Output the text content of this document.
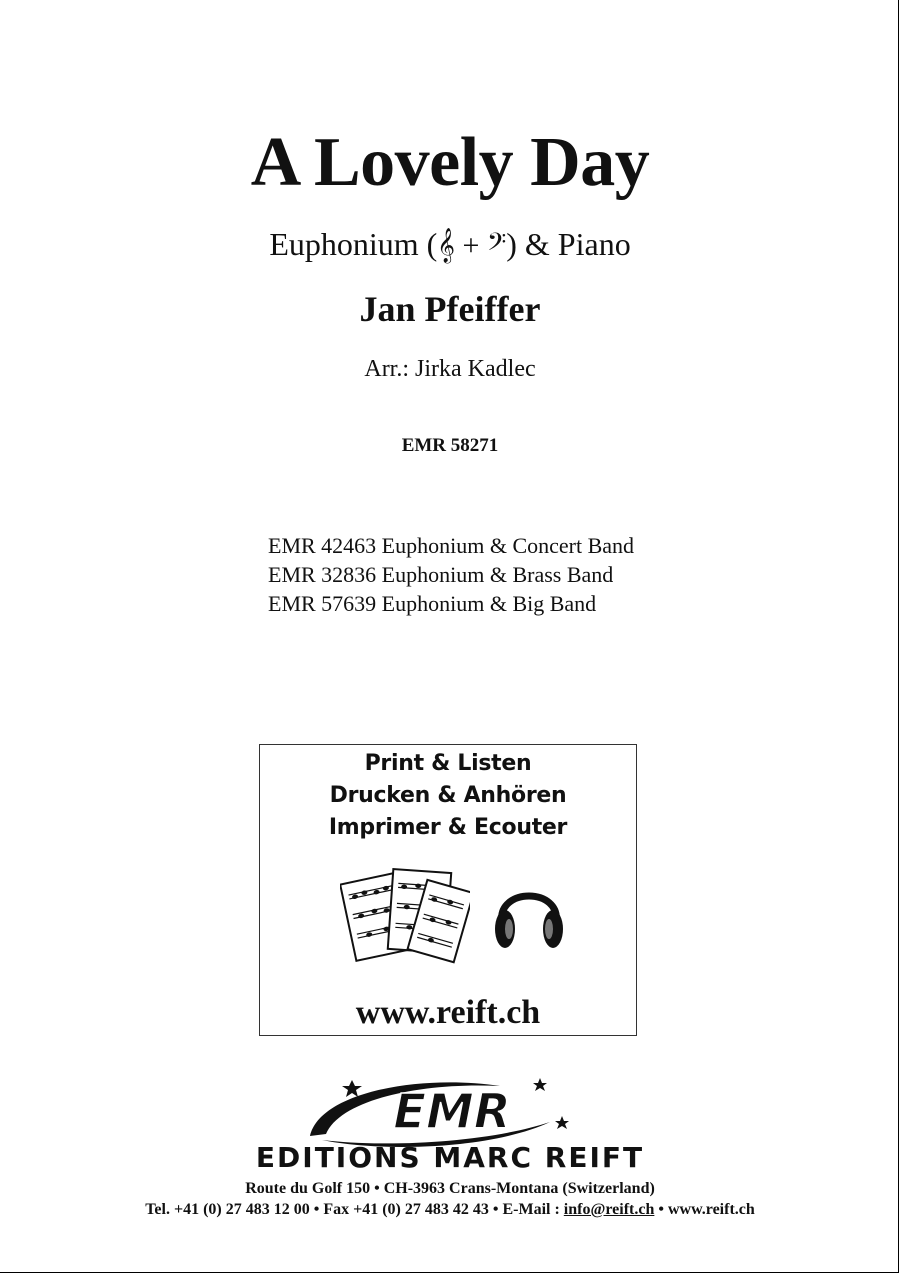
A Lovely Day
Euphonium (𝄞 + 𝄢) & Piano
Jan Pfeiffer
Arr.: Jirka Kadlec
EMR 58271
EMR 42463 Euphonium & Concert Band
EMR 32836 Euphonium & Brass Band
EMR 57639 Euphonium & Big Band
Print & Listen
Drucken & Anhören
Imprimer & Ecouter
www.reift.ch
EMR
EDITIONS MARC REIFT
Route du Golf 150 • CH-3963 Crans-Montana (Switzerland)
Tel. +41 (0) 27 483 12 00 • Fax +41 (0) 27 483 42 43 • E-Mail : info@reift.ch • www.reift.ch
